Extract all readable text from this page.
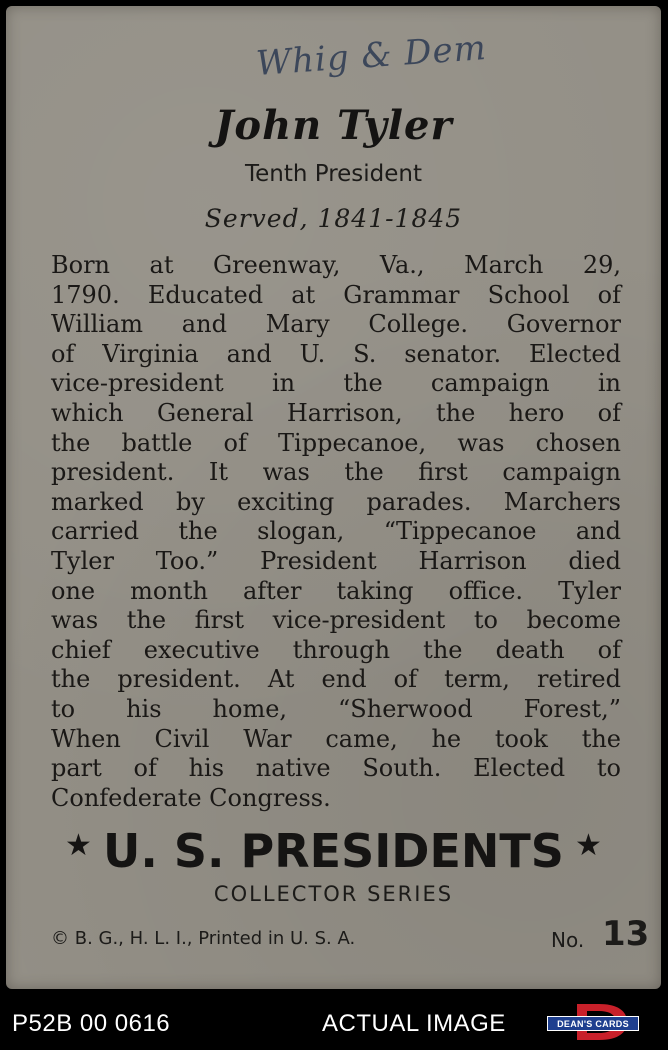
Whig & Dem
John Tyler
Tenth President
Served, 1841-1845
Born at Greenway, Va., March 29,
1790. Educated at Grammar School of
William and Mary College. Governor
of Virginia and U. S. senator. Elected
vice-president in the campaign in
which General Harrison, the hero of
the battle of Tippecanoe, was chosen
president. It was the first campaign
marked by exciting parades. Marchers
carried the slogan, “Tippecanoe and
Tyler Too.” President Harrison died
one month after taking office. Tyler
was the first vice-president to become
chief executive through the death of
the president. At end of term, retired
to his home, “Sherwood Forest,”
When Civil War came, he took the
part of his native South. Elected to
Confederate Congress.
★ U. S. PRESIDENTS ★
COLLECTOR SERIES
© B. G., H. L. I., Printed in U. S. A.	No. 13
P52B 00 0616	ACTUAL IMAGE	DEAN'S CARDS
